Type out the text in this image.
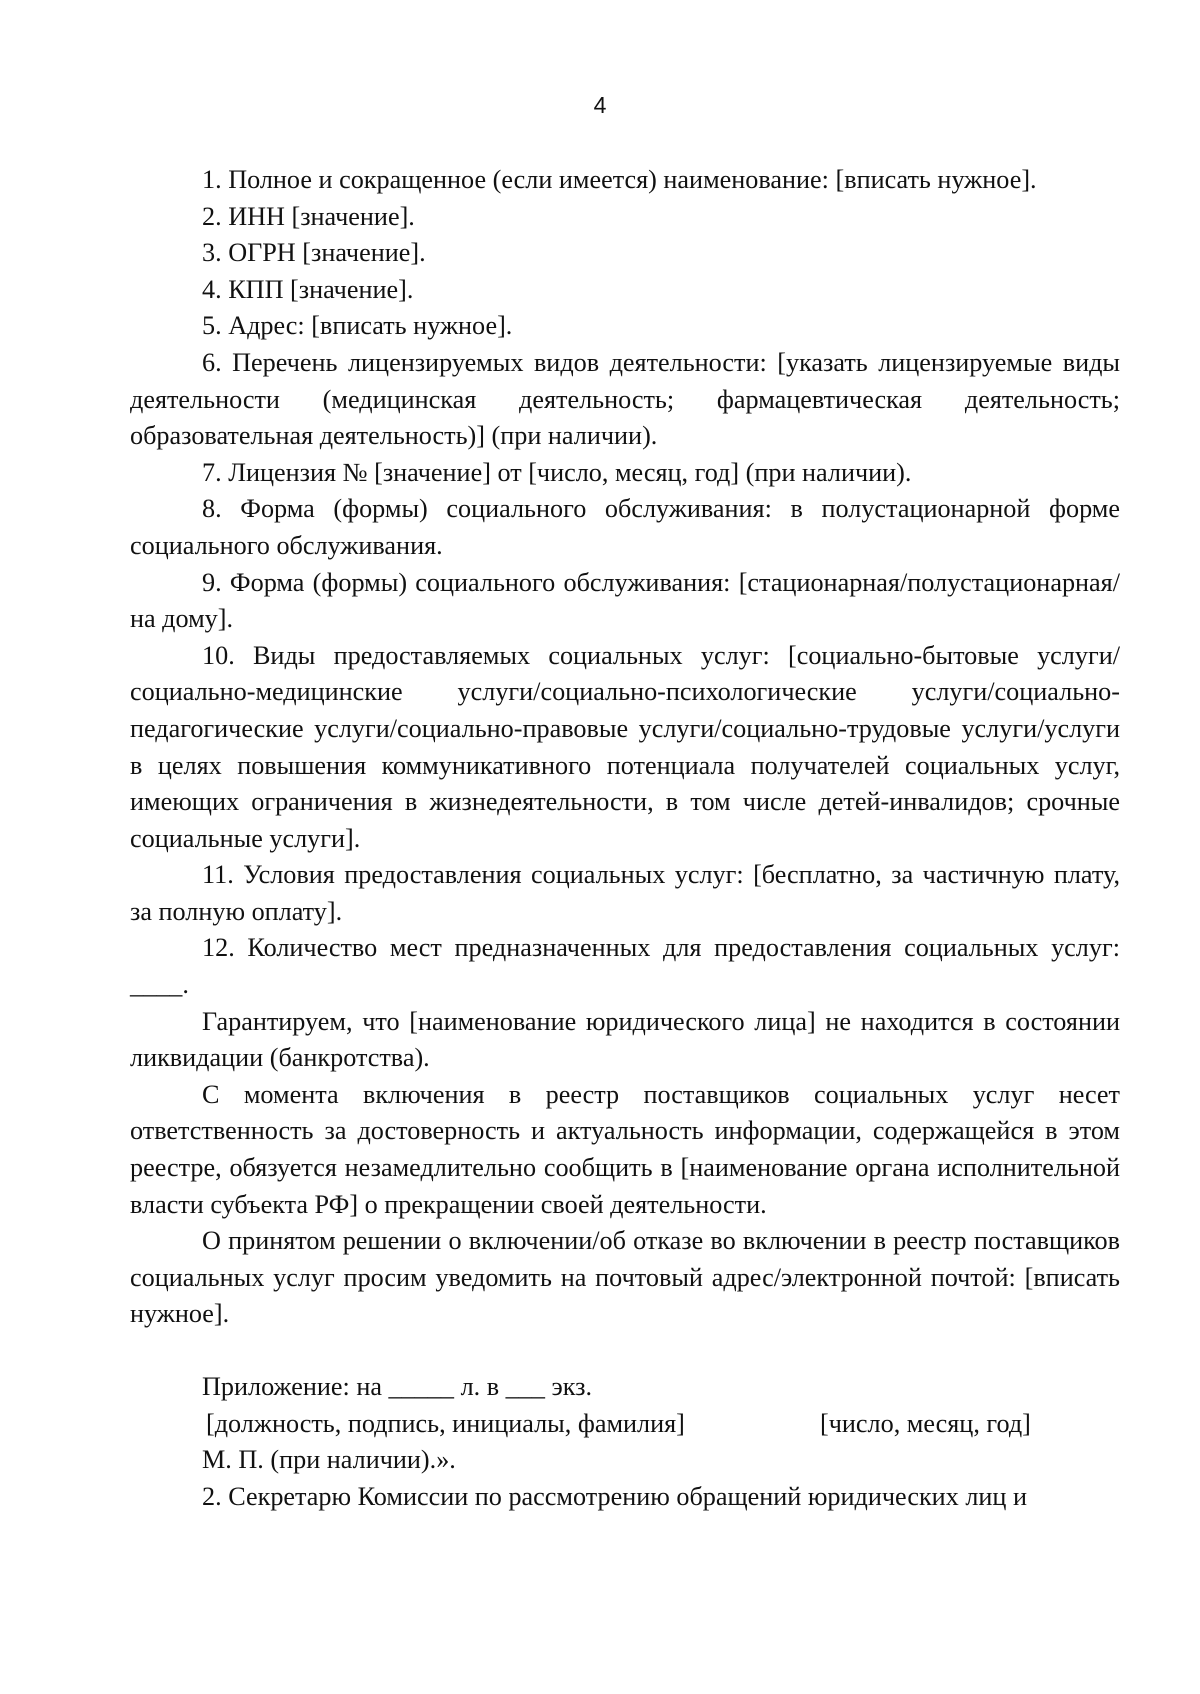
4

1. Полное и сокращенное (если имеется) наименование: [вписать нужное].

2. ИНН [значение].

3. ОГРН [значение].

4. КПП [значение].

5. Адрес: [вписать нужное].

6. Перечень лицензируемых видов деятельности: [указать лицензируемые виды деятельности (медицинская деятельность; фармацевтическая деятельность; образовательная деятельность)] (при наличии).

7. Лицензия № [значение] от [число, месяц, год] (при наличии).

8. Форма (формы) социального обслуживания: в полустационарной форме социального обслуживания.

9. Форма (формы) социального обслуживания: [стационарная/полустационарная/на дому].

10. Виды предоставляемых социальных услуг: [социально-бытовые услуги/социально-медицинские услуги/социально-психологические услуги/социально-педагогические услуги/социально-правовые услуги/социально-трудовые услуги/услуги в целях повышения коммуникативного потенциала получателей социальных услуг, имеющих ограничения в жизнедеятельности, в том числе детей-инвалидов; срочные социальные услуги].

11. Условия предоставления социальных услуг: [бесплатно, за частичную плату, за полную оплату].

12. Количество мест предназначенных для предоставления социальных услуг: ____.

Гарантируем, что [наименование юридического лица] не находится в состоянии ликвидации (банкротства).

С момента включения в реестр поставщиков социальных услуг несет ответственность за достоверность и актуальность информации, содержащейся в этом реестре, обязуется незамедлительно сообщить в [наименование органа исполнительной власти субъекта РФ] о прекращении своей деятельности.

О принятом решении о включении/об отказе во включении в реестр поставщиков социальных услуг просим уведомить на почтовый адрес/электронной почтой: [вписать нужное].

Приложение: на _____ л. в ___ экз.

[должность, подпись, инициалы, фамилия]	[число, месяц, год]

М. П. (при наличии).».

2. Секретарю Комиссии по рассмотрению обращений юридических лиц и
